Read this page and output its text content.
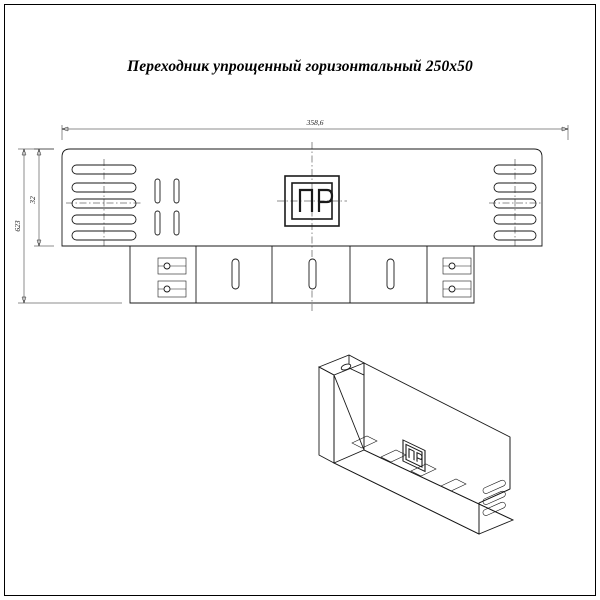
Переходник упрощенный горизонтальный 250х50
358,6
623
32
